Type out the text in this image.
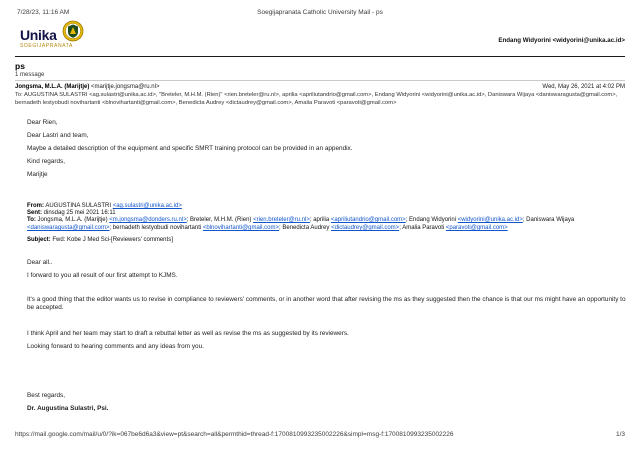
7/28/23, 11:16 AM	Soegijapranata Catholic University Mail - ps
Unika
SOEGIJAPRANATA
Endang Widyorini <widyorini@unika.ac.id>
ps
1 message
Jongsma, M.L.A. (Marijtje) <marijtje.jongsma@ru.nl>	Wed, May 26, 2021 at 4:02 PM
To: AUGUSTINA SULASTRI <ag.sulastri@unika.ac.id>, "Breteler, M.H.M. (Rien)" <rien.breteler@ru.nl>, aprilia <apriliutandrio@gmail.com>, Endang Widyorini <widyorini@unika.ac.id>, Daniswara Wijaya <daniswaragusta@gmail.com>, bernadeth lestyobudi novihartanti <blnovihartanti@gmail.com>, Benedicta Audrey <dictaudrey@gmail.com>, Amalia Paravoti <paravoti@gmail.com>
Dear Rien,
Dear Lastri and team,
Maybe a detailed description of the equipment and specific SMRT training protocol can be provided in an appendix.
Kind regards,
Marijtje
From: AUGUSTINA SULASTRI <ag.sulastri@unika.ac.id>
Sent: dinsdag 25 mei 2021 16:11
To: Jongsma, M.L.A. (Marijtje) <m.jongsma@donders.ru.nl>; Breteler, M.H.M. (Rien) <rien.breteler@ru.nl>; aprilia <apriliutandrio@gmail.com>; Endang Widyorini <widyorini@unika.ac.id>; Daniswara Wijaya <daniswaragusta@gmail.com>; bernadeth lestyobudi novihartanti <blnovihartanti@gmail.com>; Benedicta Audrey <dictaudrey@gmail.com>; Amalia Paravoti <paravoti@gmail.com>
Subject: Fwd: Kobe J Med Sci-[Reviewers' comments]
Dear all..
I forward to you all result of our first attempt to KJMS.
It's a good thing that the editor wants us to revise in compliance to reviewers' comments, or in another word that after revising the ms as they suggested then the chance is that our ms might have an opportunity to be accepted.
I think April and her team may start to draft a rebuttal letter as well as revise the ms as suggested by its reviewers.
Looking forward to hearing comments and any ideas from you.
Best regards,
Dr. Augustina Sulastri, Psi.
https://mail.google.com/mail/u/0/?ik=067be6d6a3&view=pt&search=all&permthid=thread-f:1700810993235002226&simpl=msg-f:1700810993235002226	1/3
